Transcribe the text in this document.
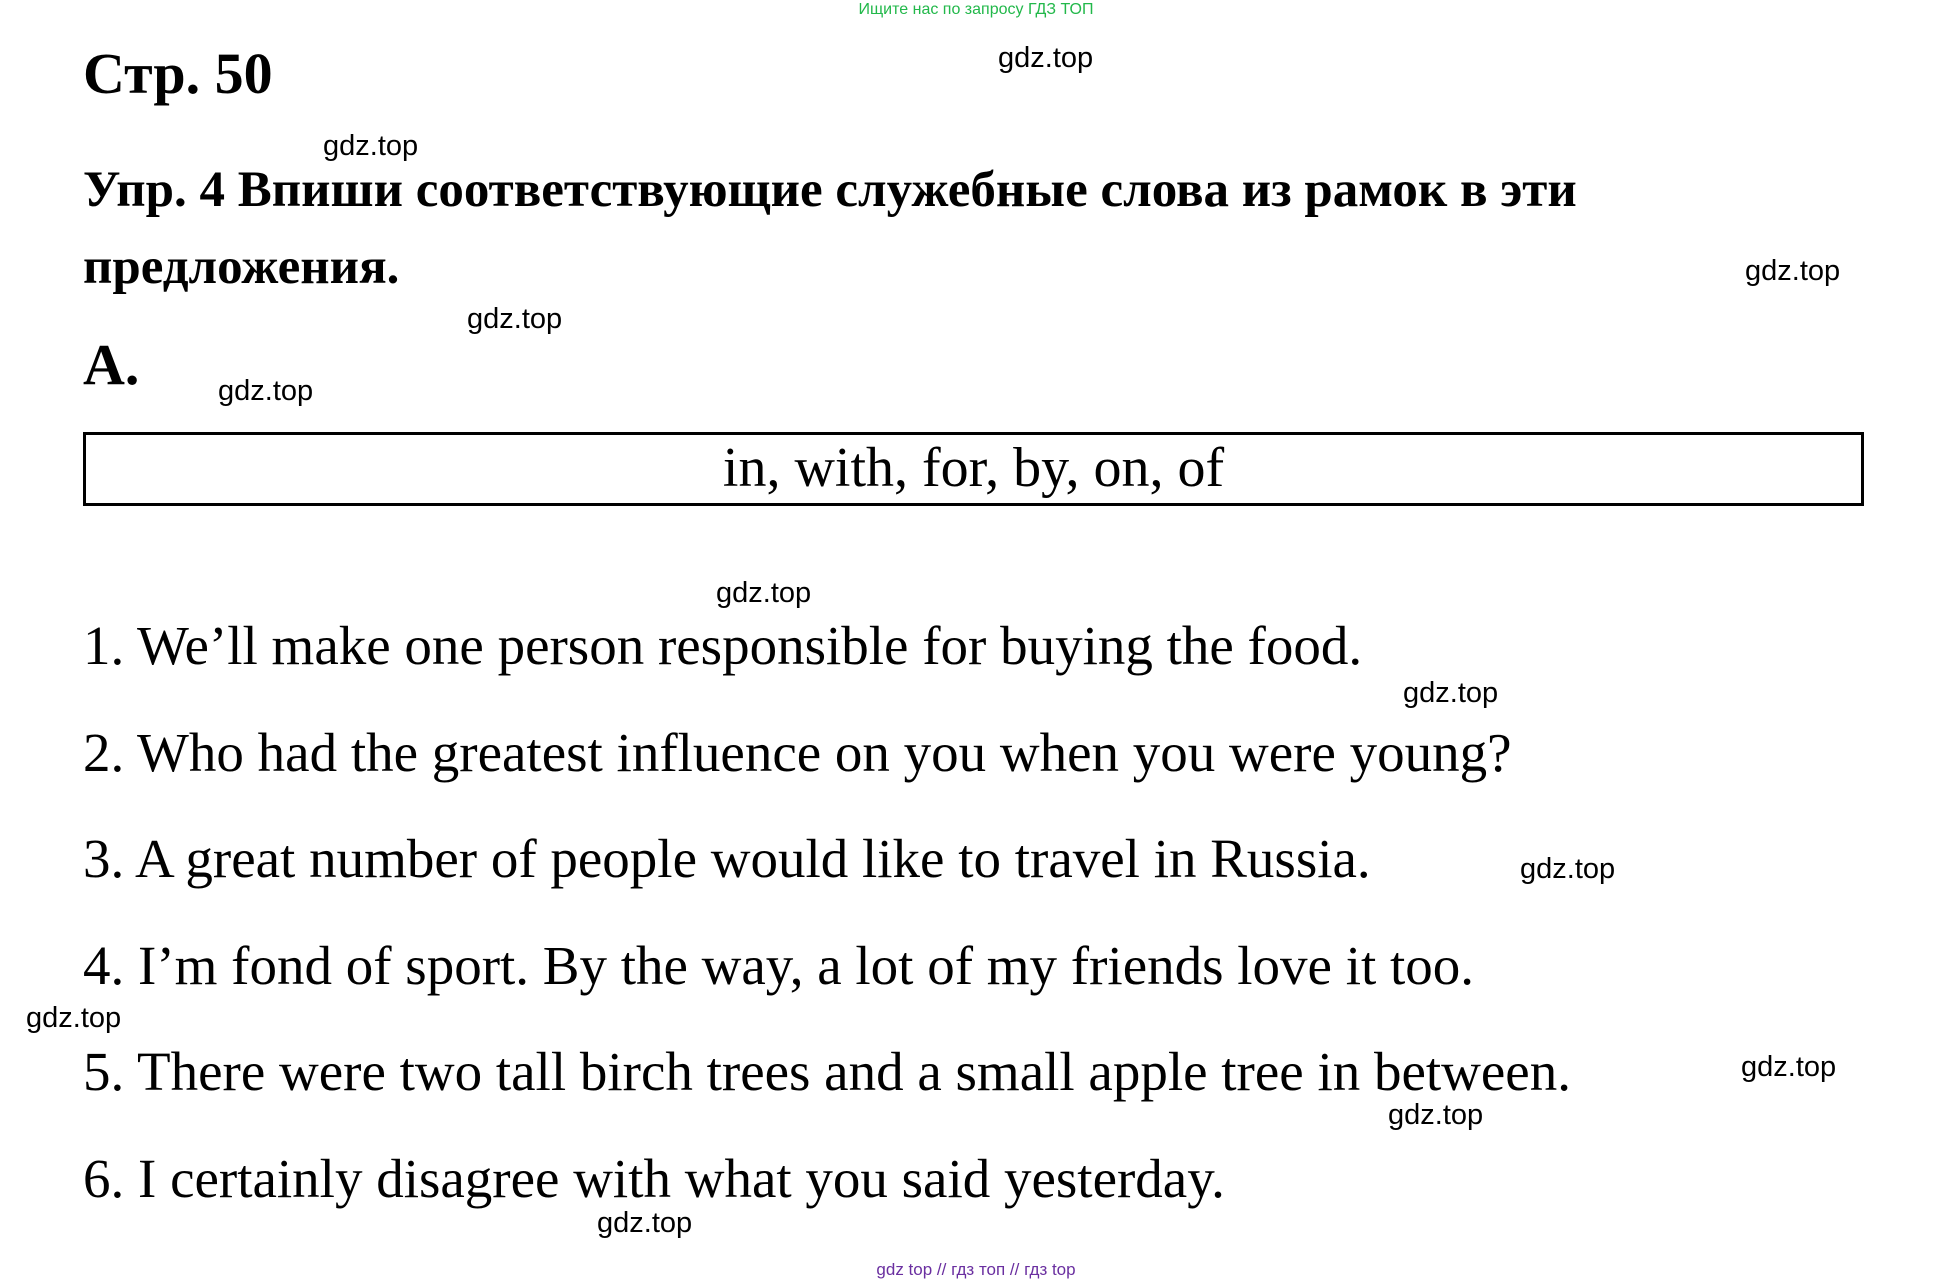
Ищите нас по запросу ГДЗ ТОП
Стр. 50
Упр. 4 Впиши соответствующие служебные слова из рамок в эти предложения.
A.
in, with, for, by, on, of
1. We’ll make one person responsible for buying the food.
2. Who had the greatest influence on you when you were young?
3. A great number of people would like to travel in Russia.
4. I’m fond of sport. By the way, a lot of my friends love it too.
5. There were two tall birch trees and a small apple tree in between.
6. I certainly disagree with what you said yesterday.
gdz.top
gdz.top
gdz.top
gdz.top
gdz.top
gdz.top
gdz.top
gdz.top
gdz.top
gdz.top
gdz.top
gdz.top
gdz top // гдз топ // гдз top
